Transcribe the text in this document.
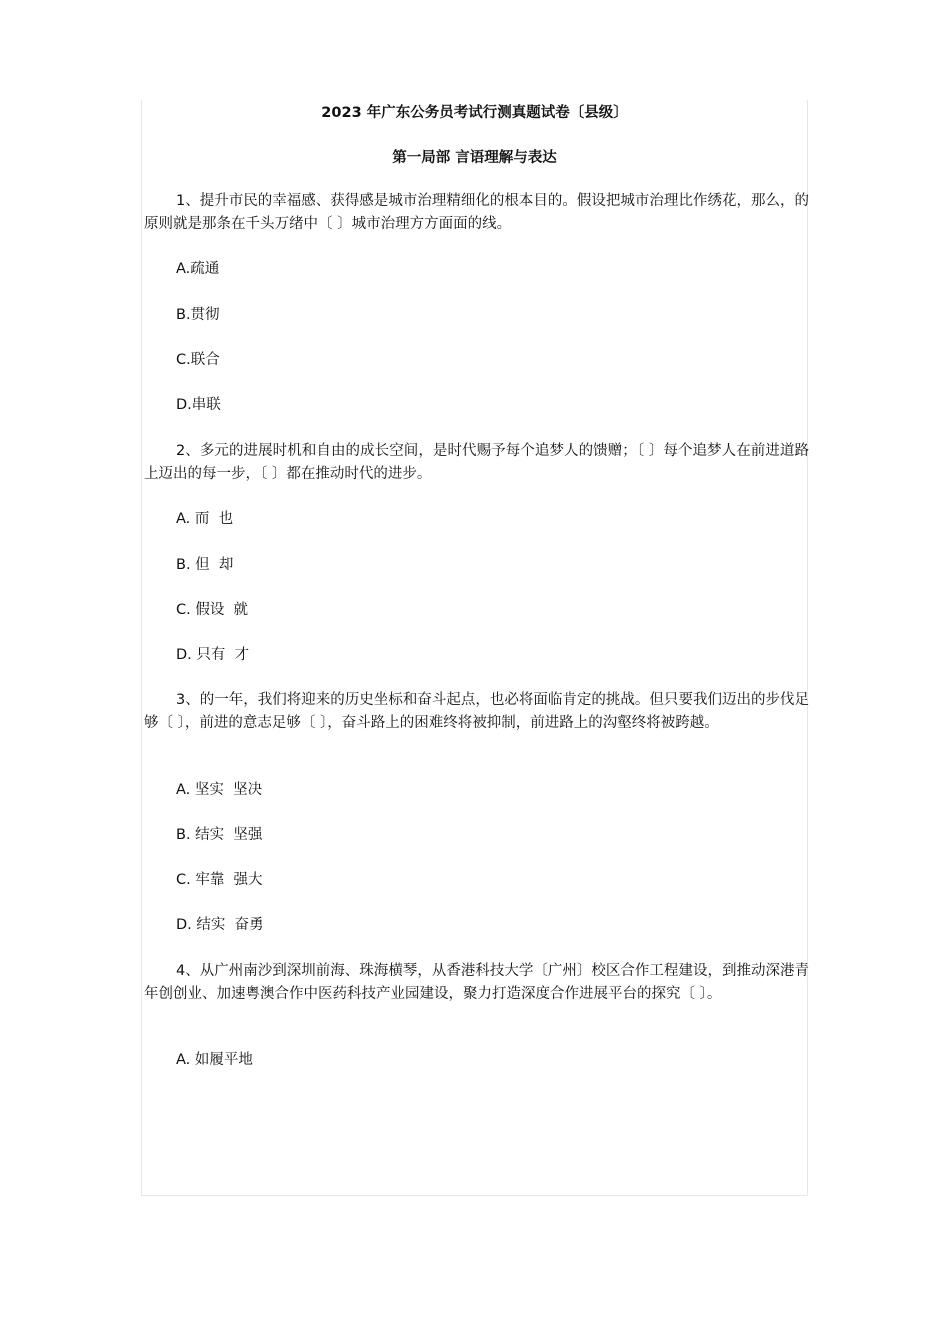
2023 年广东公务员考试行测真题试卷〔县级〕
第一局部 言语理解与表达

1、提升市民的幸福感、获得感是城市治理精细化的根本目的。假设把城市治理比作绣花，那么，的原则就是那条在千头万绪中〔 〕城市治理方方面面的线。

A.疏通

B.贯彻

C.联合

D.串联

2、多元的进展时机和自由的成长空间，是时代赐予每个追梦人的馈赠；〔 〕每个追梦人在前进道路上迈出的每一步，〔 〕都在推动时代的进步。

A. 而  也

B. 但  却

C. 假设  就

D. 只有  才

3、的一年，我们将迎来的历史坐标和奋斗起点，也必将面临肯定的挑战。但只要我们迈出的步伐足够〔 〕，前进的意志足够〔 〕，奋斗路上的困难终将被抑制，前进路上的沟壑终将被跨越。

A. 坚实  坚决

B. 结实  坚强

C. 牢靠  强大

D. 结实  奋勇

4、从广州南沙到深圳前海、珠海横琴，从香港科技大学〔广州〕校区合作工程建设，到推动深港青年创创业、加速粤澳合作中医药科技产业园建设，聚力打造深度合作进展平台的探究〔 〕。

A. 如履平地
